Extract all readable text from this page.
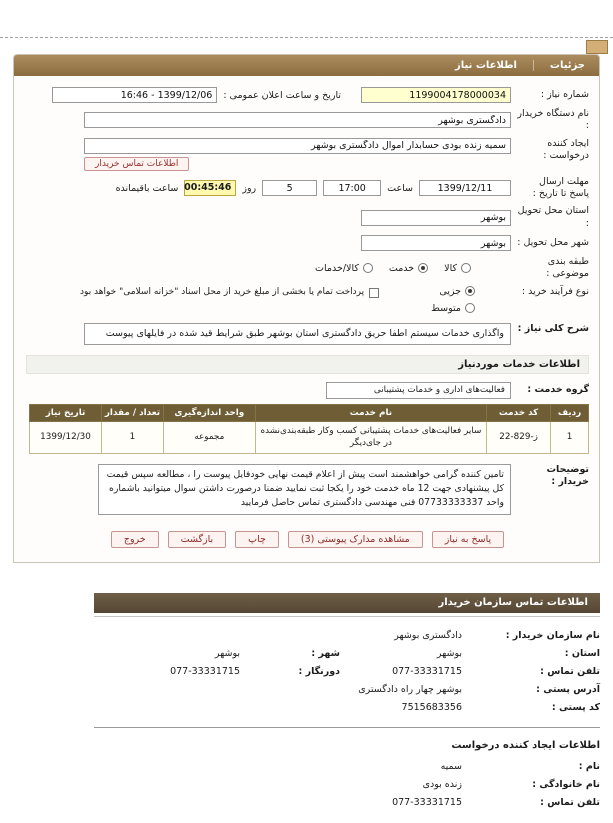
جزئیات
اطلاعات نیاز
شماره نیاز :
1199004178000034
تاریخ و ساعت اعلان عمومی :
1399/12/06 - 16:46
نام دستگاه خریدار :
دادگستری بوشهر
ایجاد کننده درخواست :
سمیه زنده بودی حسابدار اموال دادگستری بوشهر
اطلاعات تماس خریدار
مهلت ارسال پاسخ تا تاریخ :
1399/12/11
ساعت
17:00
5
روز
00:45:46
ساعت باقیمانده
استان محل تحویل :
بوشهر
شهر محل تحویل :
بوشهر
طبقه بندی موضوعی :
کالا
خدمت
کالا/خدمات
نوع فرآیند خرید :
جزیی
متوسط
پرداخت تمام یا بخشی از مبلغ خرید از محل اسناد "خزانه اسلامی" خواهد بود
شرح کلی نیاز :
واگذاری خدمات سیستم اطفا حریق دادگستری استان بوشهر طبق شرایط قید شده در فایلهای پیوست
اطلاعات خدمات موردنیاز
گروه خدمت :
فعالیت‌های اداری و خدمات پشتیبانی
ردیف	کد خدمت	نام خدمت	واحد اندازه‌گیری	تعداد / مقدار	تاریخ نیاز
1	ز-829-22	سایر فعالیت‌های خدمات پشتیبانی کسب وکار طبقه‌بندی‌نشده در جای‌دیگر	مجموعه	1	1399/12/30
توضیحات خریدار :
تامین کننده گرامی خواهشمند است پیش از اعلام قیمت نهایی خودفایل پیوست را ، مطالعه سپس قیمت کل پیشنهادی جهت 12 ماه خدمت خود را یکجا ثبت نمایید ضمنا درصورت داشتن سوال میتوانید باشماره واحد 07733333337 فنی مهندسی دادگستری تماس حاصل فرمایید
پاسخ به نیاز
مشاهده مدارک پیوستی (3)
چاپ
بازگشت
خروج
اطلاعات تماس سازمان خریدار
نام سازمان خریدار :
دادگستری بوشهر
استان :
بوشهر
شهر :
بوشهر
تلفن تماس :
077-33331715
دورنگار :
077-33331715
آدرس پستی :
بوشهر چهار راه دادگستری
کد پستی :
7515683356
اطلاعات ایجاد کننده درخواست
نام :
سمیه
نام خانوادگی :
زنده بودی
تلفن تماس :
077-33331715
